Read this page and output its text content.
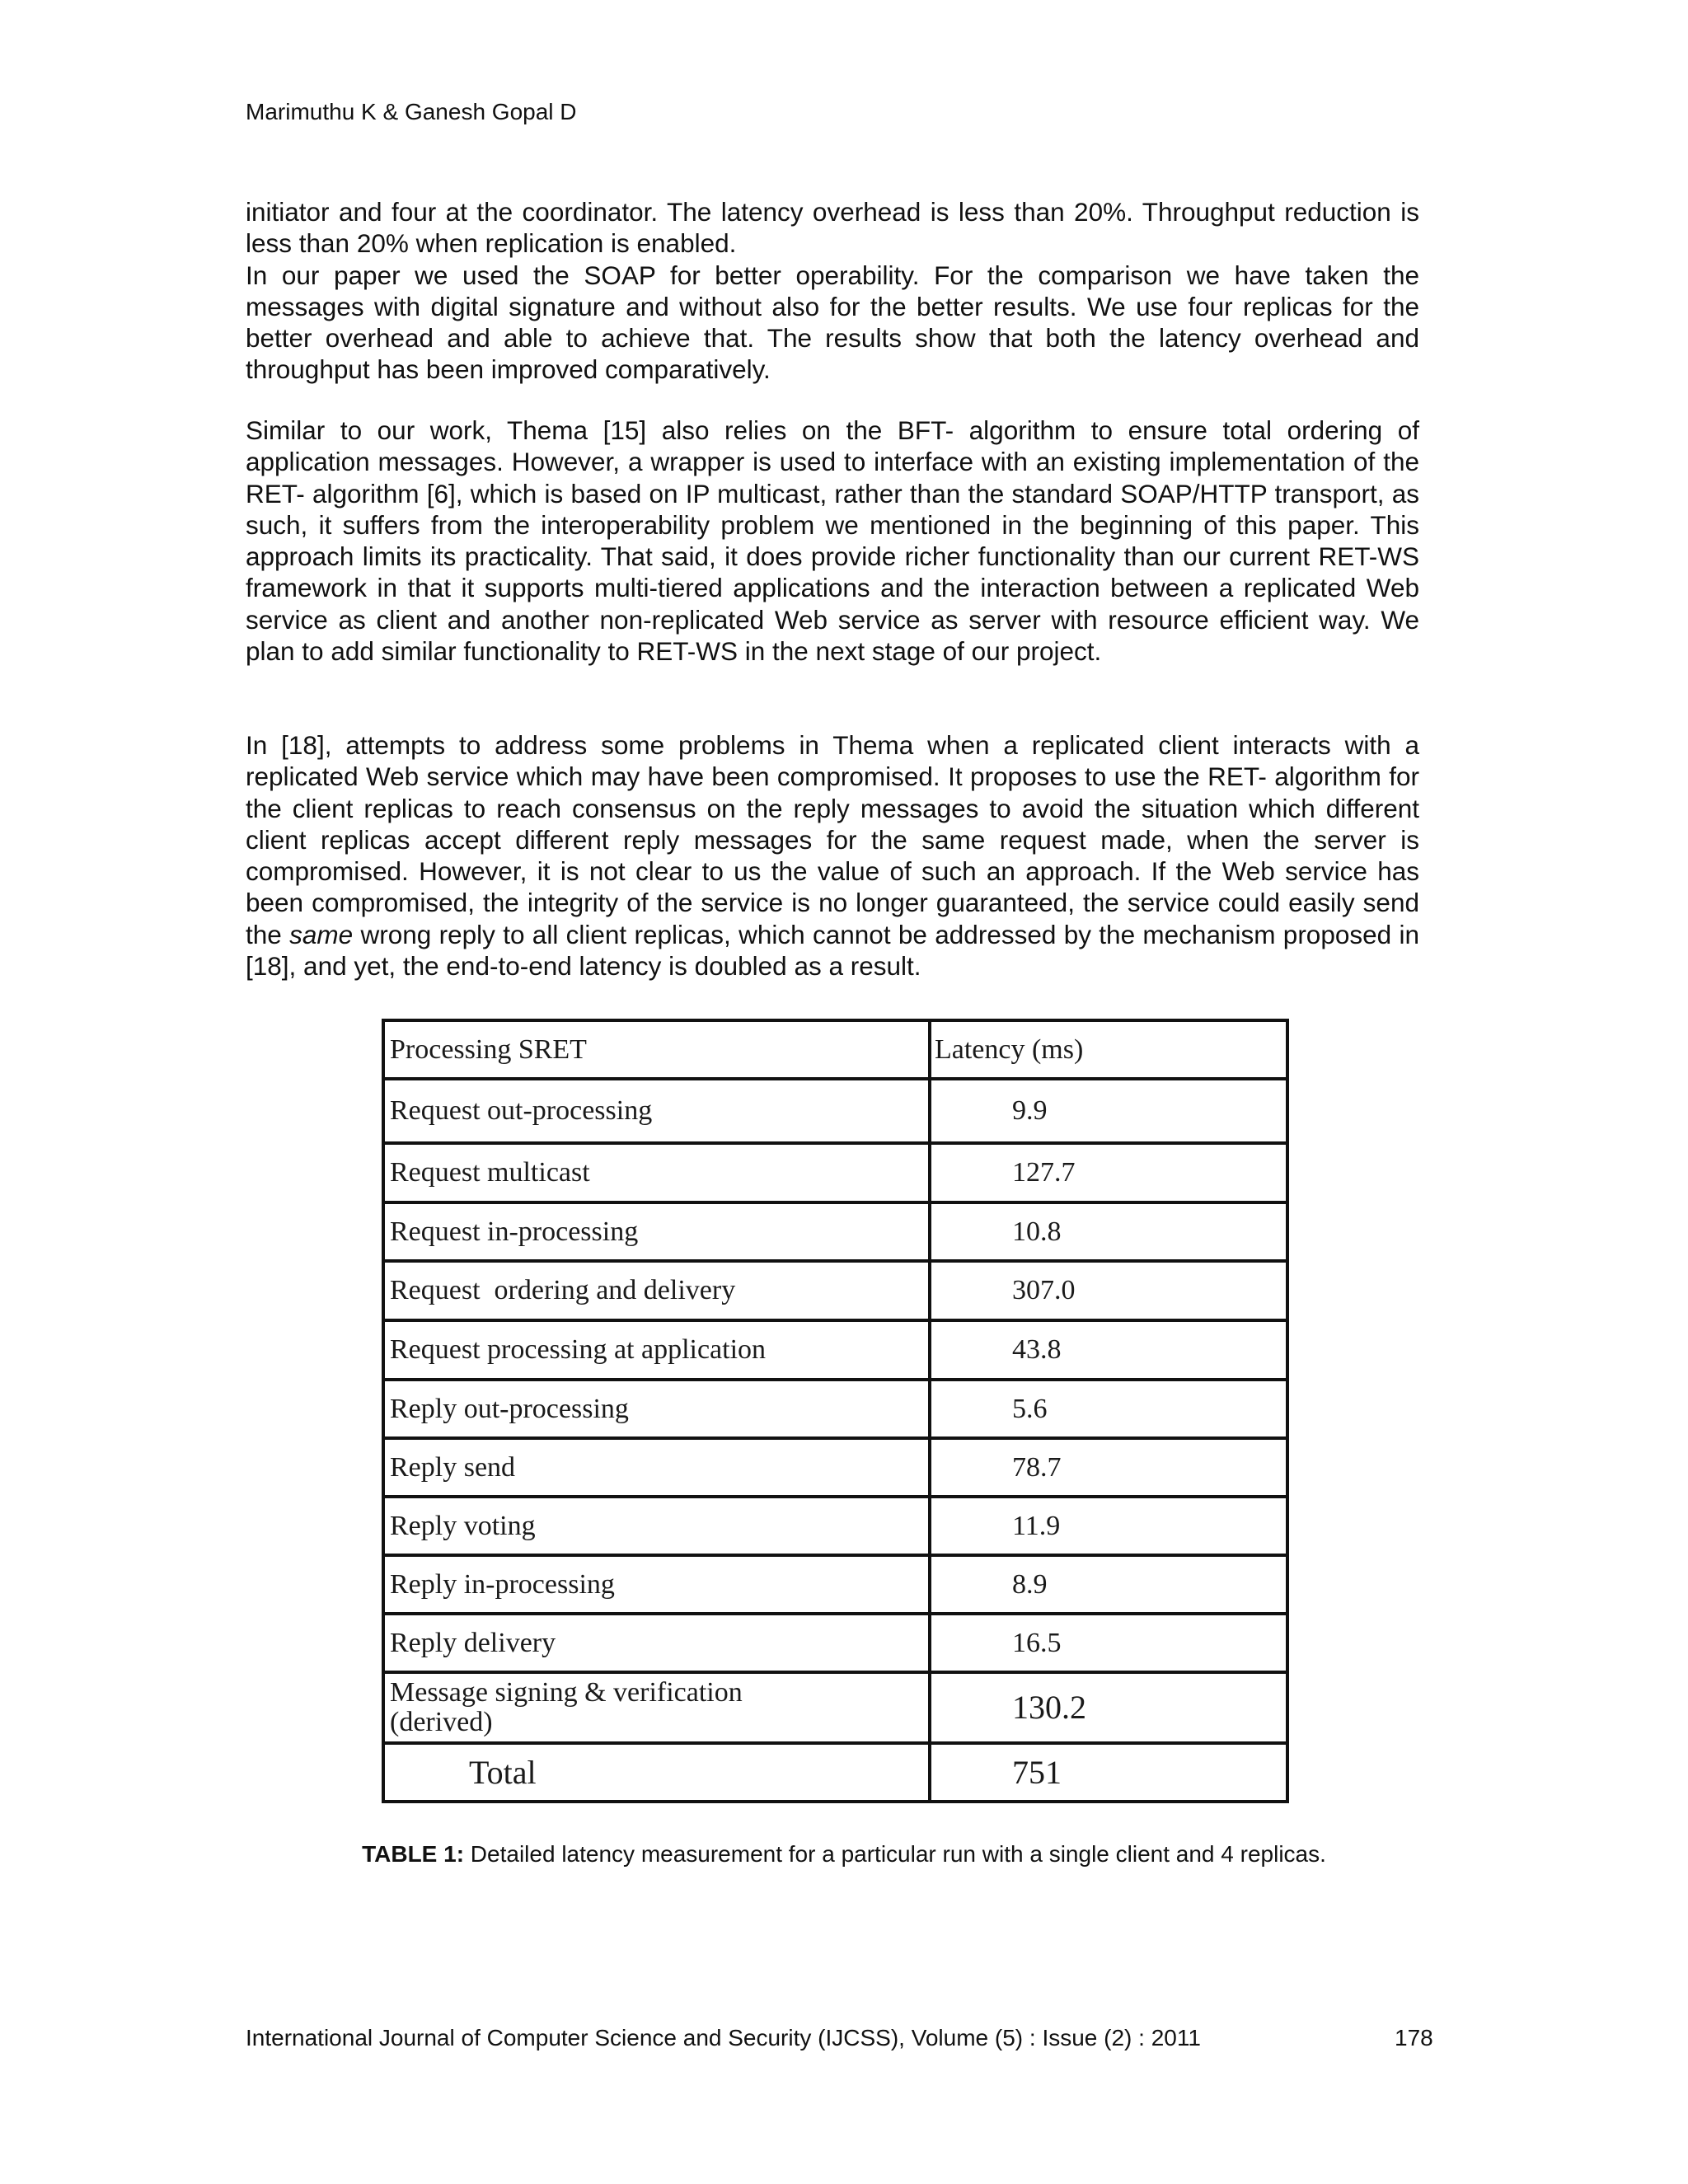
Marimuthu K & Ganesh Gopal D

initiator and four at the coordinator. The latency overhead is less than 20%. Throughput reduction is less than 20% when replication is enabled.

In our paper we used the SOAP for better operability. For the comparison we have taken the messages with digital signature and without also for the better results. We use four replicas for the better overhead and able to achieve that. The results show that both the latency overhead and throughput has been improved comparatively.

Similar to our work, Thema [15] also relies on the BFT- algorithm to ensure total ordering of application messages. However, a wrapper is used to interface with an existing implementation of the RET- algorithm [6], which is based on IP multicast, rather than the standard SOAP/HTTP transport, as such, it suffers from the interoperability problem we mentioned in the beginning of this paper. This approach limits its practicality. That said, it does provide richer functionality than our current RET-WS framework in that it supports multi-tiered applications and the interaction between a replicated Web service as client and another non-replicated Web service as server with resource efficient way. We plan to add similar functionality to RET-WS in the next stage of our project.

In [18], attempts to address some problems in Thema when a replicated client interacts with a replicated Web service which may have been compromised. It proposes to use the RET- algorithm for the client replicas to reach consensus on the reply messages to avoid the situation which different client replicas accept different reply messages for the same request made, when the server is compromised. However, it is not clear to us the value of such an approach. If the Web service has been compromised, the integrity of the service is no longer guaranteed, the service could easily send the same wrong reply to all client replicas, which cannot be addressed by the mechanism proposed in [18], and yet, the end-to-end latency is doubled as a result.

Processing SRET	Latency (ms)
Request out-processing	9.9
Request multicast	127.7
Request in-processing	10.8
Request  ordering and delivery	307.0
Request processing at application	43.8
Reply out-processing	5.6
Reply send	78.7
Reply voting	11.9
Reply in-processing	8.9
Reply delivery	16.5
Message signing & verification
(derived)	130.2
Total	751
TABLE 1: Detailed latency measurement for a particular run with a single client and 4 replicas.
International Journal of Computer Science and Security (IJCSS), Volume (5) : Issue (2) : 2011	178
